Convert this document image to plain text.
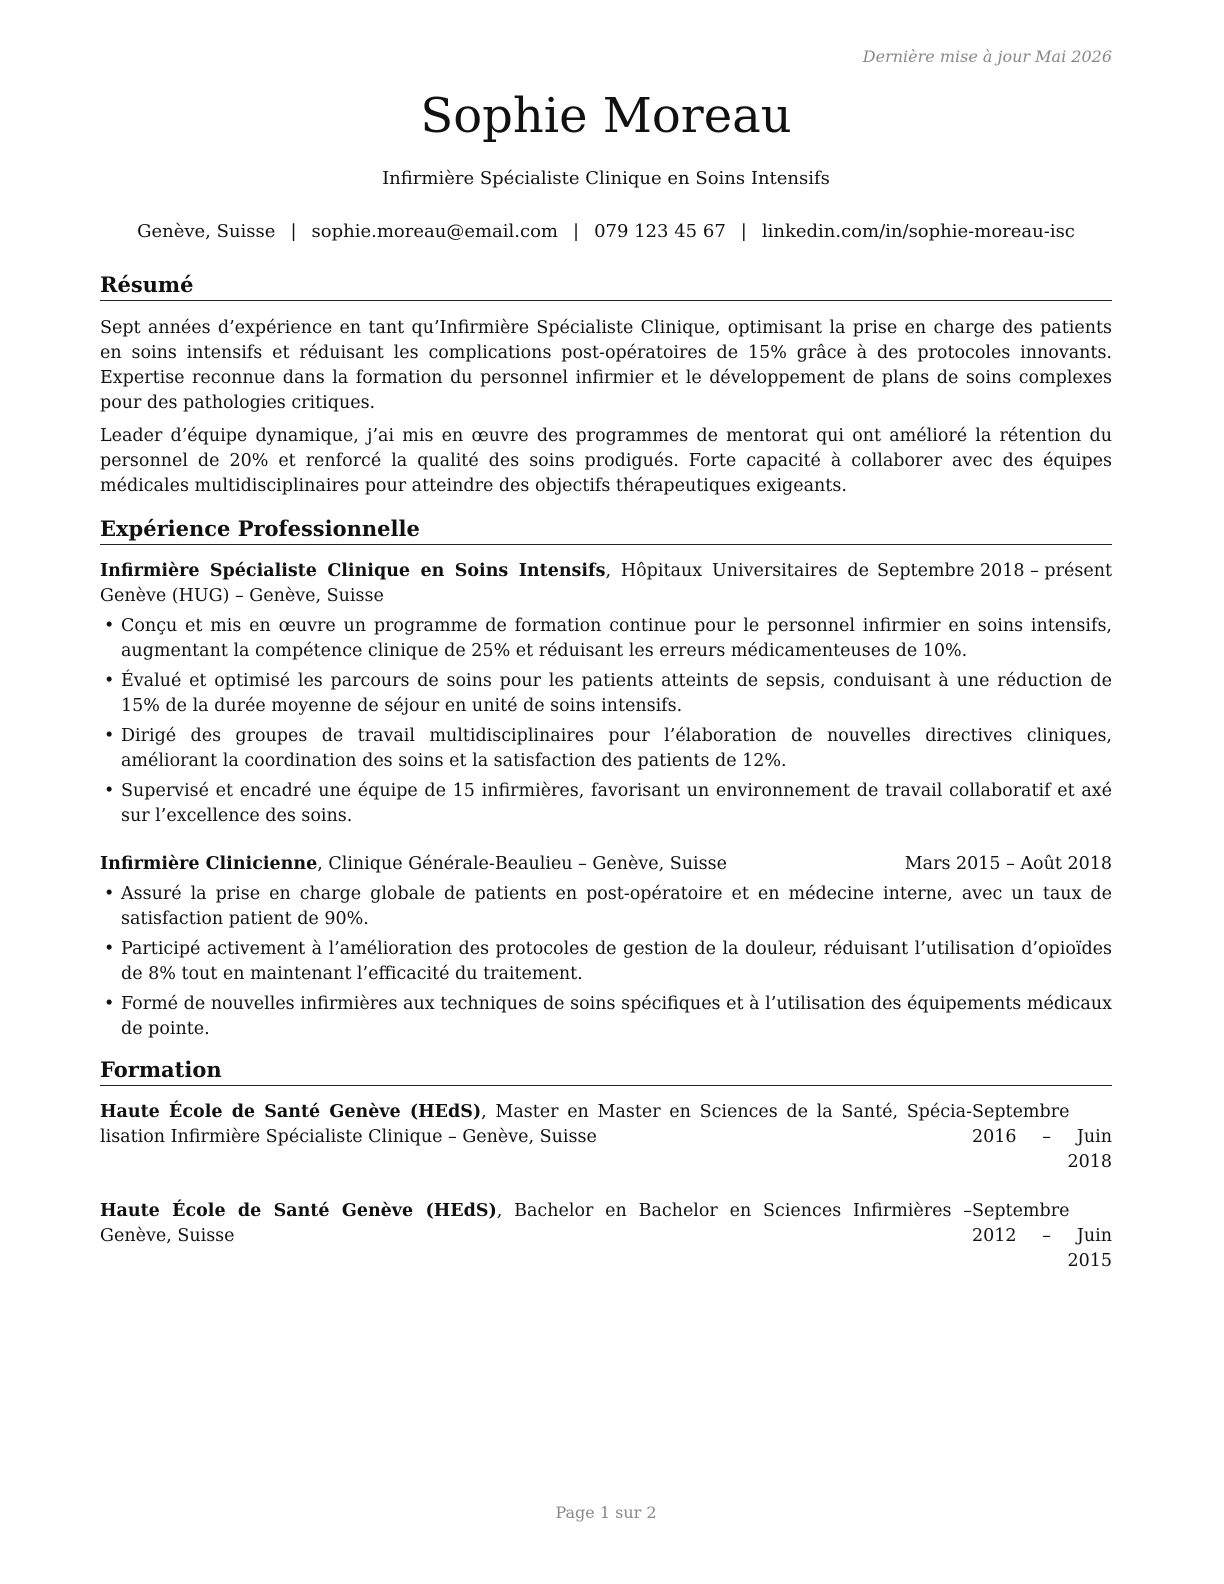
Dernière mise à jour Mai 2026
Sophie Moreau
Infirmière Spécialiste Clinique en Soins Intensifs
Genève, Suisse | sophie.moreau@email.com | 079 123 45 67 | linkedin.com/in/sophie-moreau-isc
Résumé

Sept années d’expérience en tant qu’Infirmière Spécialiste Clinique, optimisant la prise en charge des patients en soins intensifs et réduisant les complications post-opératoires de 15% grâce à des protocoles innovants. Expertise reconnue dans la formation du personnel infirmier et le développement de plans de soins complexes pour des pathologies critiques.

Leader d’équipe dynamique, j’ai mis en œuvre des programmes de mentorat qui ont amélioré la rétention du personnel de 20% et renforcé la qualité des soins prodigués. Forte capacité à collaborer avec des équipes médicales multidisciplinaires pour atteindre des objectifs thérapeutiques exigeants.

Expérience Professionnelle

Septembre 2018 – présent
Infirmière Spécialiste Clinique en Soins Intensifs, Hôpitaux Universitaires de Genève (HUG) – Genève, Suisse

• Conçu et mis en œuvre un programme de formation continue pour le personnel infirmier en soins intensifs, augmentant la compétence clinique de 25% et réduisant les erreurs médicamenteuses de 10%.
• Évalué et optimisé les parcours de soins pour les patients atteints de sepsis, conduisant à une réduction de 15% de la durée moyenne de séjour en unité de soins intensifs.
• Dirigé des groupes de travail multidisciplinaires pour l’élaboration de nouvelles directives cliniques, améliorant la coordination des soins et la satisfaction des patients de 12%.
• Supervisé et encadré une équipe de 15 infirmières, favorisant un environnement de travail collaboratif et axé sur l’excellence des soins.

Mars 2015 – Août 2018
Infirmière Clinicienne, Clinique Générale-Beaulieu – Genève, Suisse

• Assuré la prise en charge globale de patients en post-opératoire et en médecine interne, avec un taux de satisfaction patient de 90%.
• Participé activement à l’amélioration des protocoles de gestion de la douleur, réduisant l’utilisation d’opioïdes de 8% tout en maintenant l’efficacité du traitement.
• Formé de nouvelles infirmières aux techniques de soins spécifiques et à l’utilisation des équipements médicaux de pointe.
Formation
Haute École de Santé Genève (HEdS), Master en Master en Sciences de la Santé, Spécialisation Infirmière Spécialiste Clinique – Genève, Suisse
Septembre 2016 – Juin
2018
Haute École de Santé Genève (HEdS), Bachelor en Bachelor en Sciences Infirmières – Genève, Suisse
Septembre 2012 – Juin
2015
Page 1 sur 2
